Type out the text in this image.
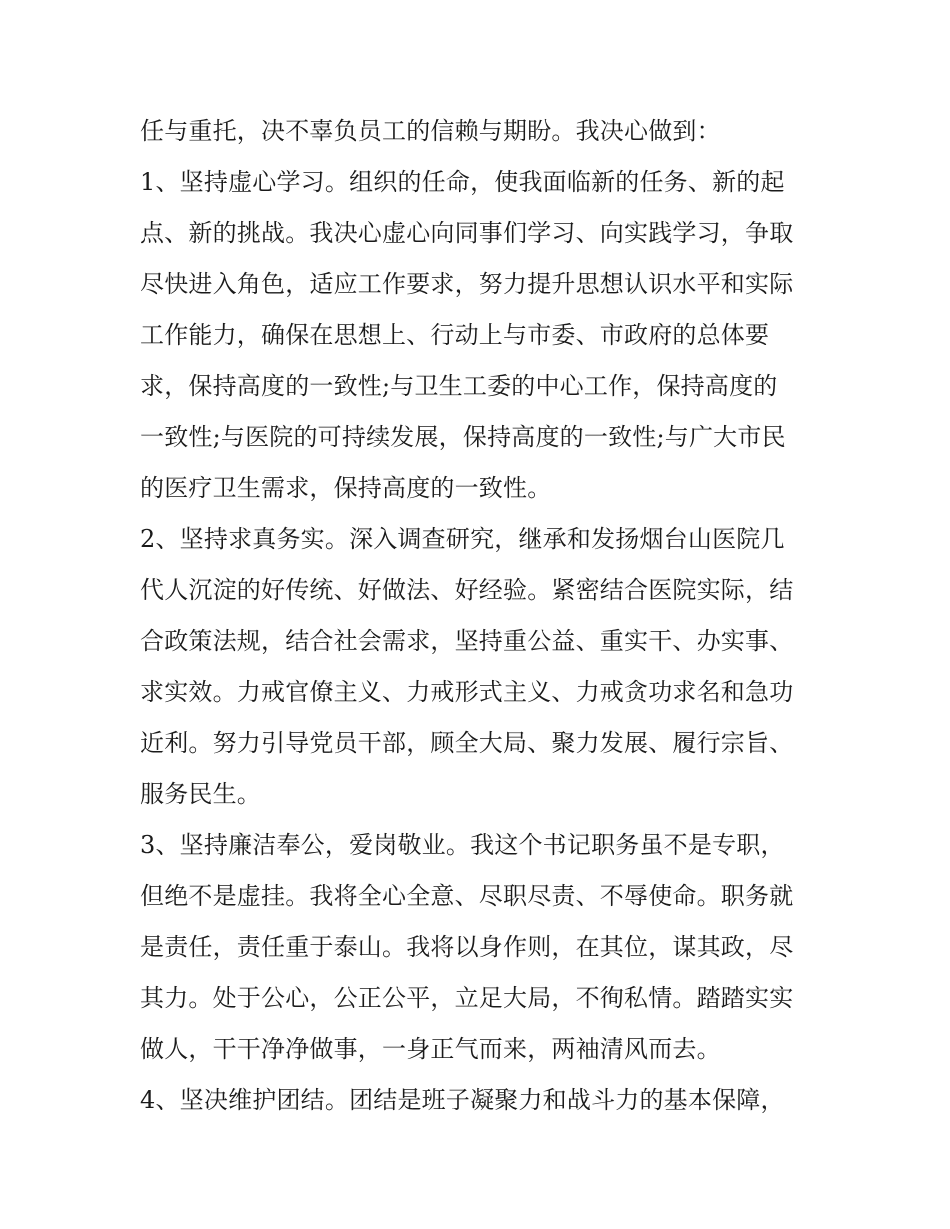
任与重托，决不辜负员工的信赖与期盼。我决心做到：
1、坚持虚心学习。组织的任命，使我面临新的任务、新的起
点、新的挑战。我决心虚心向同事们学习、向实践学习，争取
尽快进入角色，适应工作要求，努力提升思想认识水平和实际
工作能力，确保在思想上、行动上与市委、市政府的总体要
求，保持高度的一致性;与卫生工委的中心工作，保持高度的
一致性;与医院的可持续发展，保持高度的一致性;与广大市民
的医疗卫生需求，保持高度的一致性。
2、坚持求真务实。深入调查研究，继承和发扬烟台山医院几
代人沉淀的好传统、好做法、好经验。紧密结合医院实际，结
合政策法规，结合社会需求，坚持重公益、重实干、办实事、
求实效。力戒官僚主义、力戒形式主义、力戒贪功求名和急功
近利。努力引导党员干部，顾全大局、聚力发展、履行宗旨、
服务民生。
3、坚持廉洁奉公，爱岗敬业。我这个书记职务虽不是专职，
但绝不是虚挂。我将全心全意、尽职尽责、不辱使命。职务就
是责任，责任重于泰山。我将以身作则，在其位，谋其政，尽
其力。处于公心，公正公平，立足大局，不徇私情。踏踏实实
做人，干干净净做事，一身正气而来，两袖清风而去。
4、坚决维护团结。团结是班子凝聚力和战斗力的基本保障，
